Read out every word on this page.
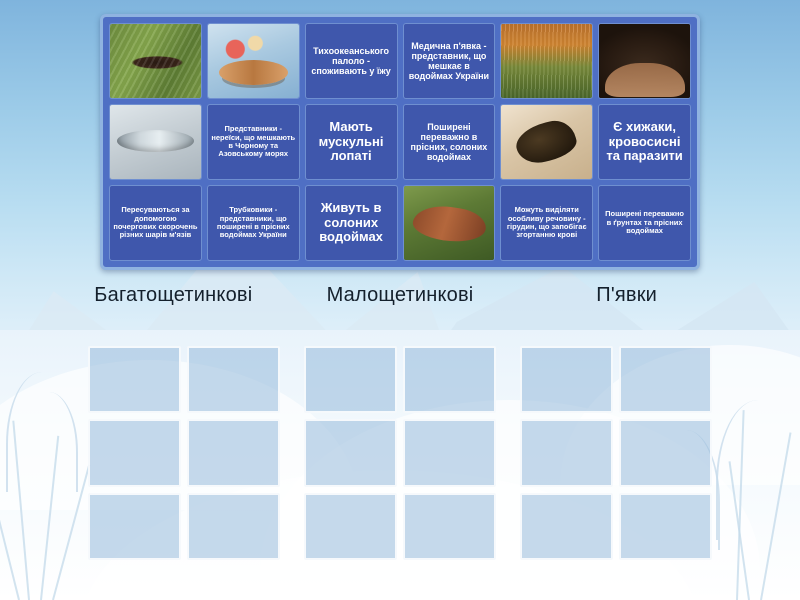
Тихоокеанського палоло - споживають у їжу
Медична п'явка - представник, що мешкає в водоймах України
Представники - нереїси, що мешкають в Чорному та Азовському морях
Мають мускульні лопаті
Поширені переважно в прісних, солоних водоймах
Є хижаки, кровосисні та паразити
Пересуваються за допомогою почергових скорочень різних шарів м'язів
Трубковики - представники, що поширені в прісних водоймах України
Живуть в солоних водоймах
Можуть виділяти особливу речовину - гірудин, що запобігає згортанню крові
Поширені переважно в ґрунтах та прісних водоймах
Багатощетинкові	Малощетинкові	П'явки
